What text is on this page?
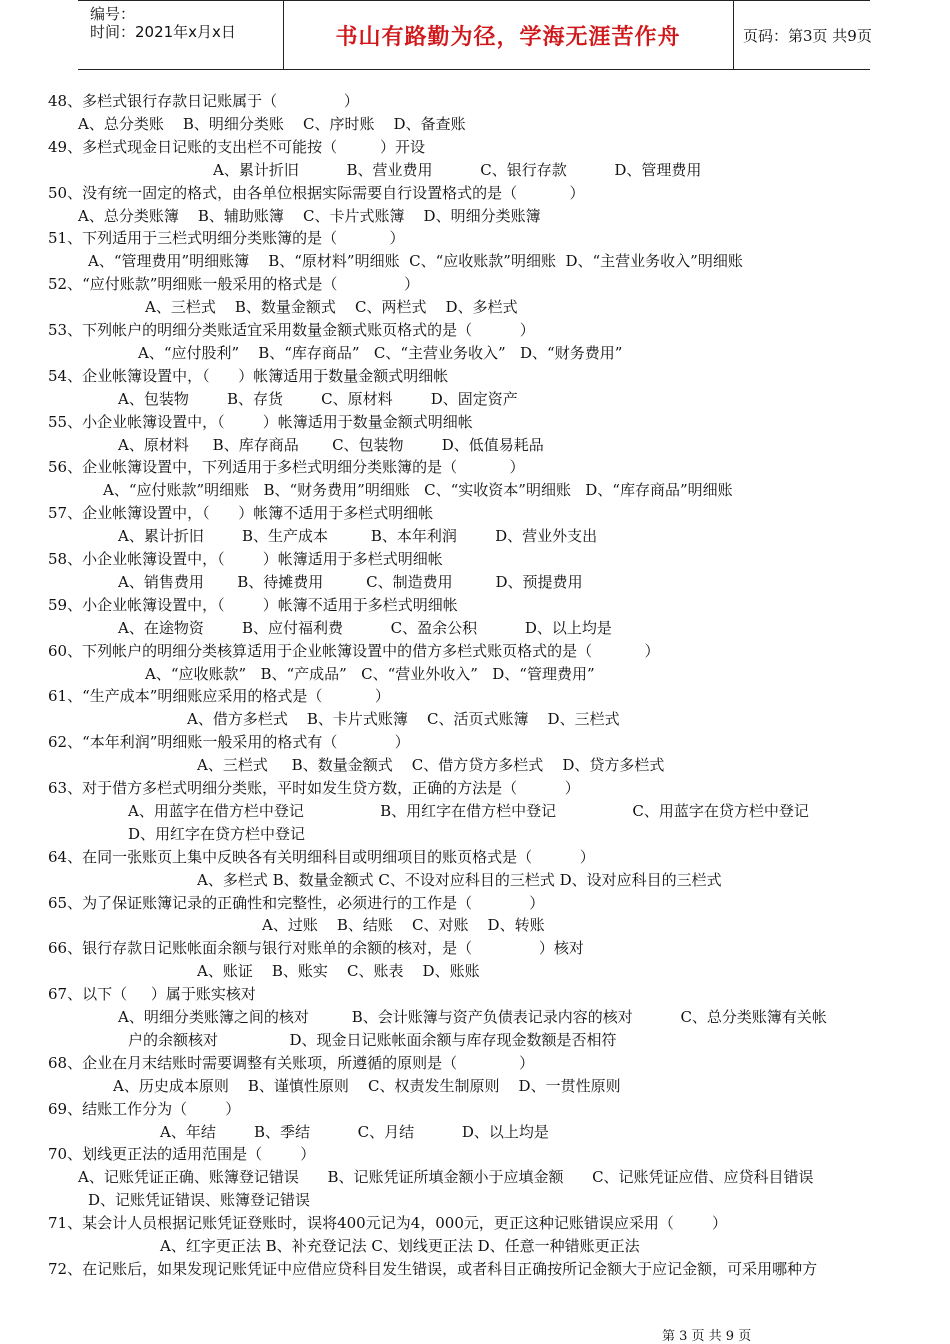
编号：
时间：2021年x月x日	书山有路勤为径，学海无涯苦作舟	页码：第3页 共9页
48、多栏式银行存款日记账属于（              ）
A、总分类账    B、明细分类账    C、序时账    D、备查账
49、多栏式现金日记账的支出栏不可能按（         ）开设
A、累计折旧          B、营业费用          C、银行存款          D、管理费用
50、没有统一固定的格式，由各单位根据实际需要自行设置格式的是（           ）
A、总分类账簿    B、辅助账簿    C、卡片式账簿    D、明细分类账簿
51、下列适用于三栏式明细分类账簿的是（           ）
A、“管理费用”明细账簿    B、“原材料”明细账  C、“应收账款”明细账  D、“主营业务收入”明细账
52、“应付账款”明细账一般采用的格式是（              ）
A、三栏式    B、数量金额式    C、两栏式    D、多栏式
53、下列帐户的明细分类账适宜采用数量金额式账页格式的是（          ）
A、“应付股利”    B、“库存商品”   C、“主营业务收入”   D、“财务费用”
54、企业帐簿设置中，（      ）帐簿适用于数量金额式明细帐
A、包装物        B、存货        C、原材料        D、固定资产
55、小企业帐簿设置中，（        ）帐簿适用于数量金额式明细帐
A、原材料     B、库存商品       C、包装物        D、低值易耗品
56、企业帐簿设置中，下列适用于多栏式明细分类账簿的是（           ）
A、“应付账款”明细账   B、“财务费用”明细账   C、“实收资本”明细账   D、“库存商品”明细账
57、企业帐簿设置中，（      ）帐簿不适用于多栏式明细帐
A、累计折旧        B、生产成本         B、本年利润        D、营业外支出
58、小企业帐簿设置中，（        ）帐簿适用于多栏式明细帐
A、销售费用       B、待摊费用         C、制造费用         D、预提费用
59、小企业帐簿设置中，（        ）帐簿不适用于多栏式明细帐
A、在途物资        B、应付福利费          C、盈余公积          D、以上均是
60、下列帐户的明细分类核算适用于企业帐簿设置中的借方多栏式账页格式的是（           ）
A、“应收账款”   B、“产成品”   C、“营业外收入”   D、“管理费用”
61、“生产成本”明细账应采用的格式是（           ）
A、借方多栏式    B、卡片式账簿    C、活页式账簿    D、三栏式
62、“本年利润”明细账一般采用的格式有（            ）
A、三栏式     B、数量金额式    C、借方贷方多栏式    D、贷方多栏式
63、对于借方多栏式明细分类账，平时如发生贷方数，正确的方法是（          ）
A、用蓝字在借方栏中登记                B、用红字在借方栏中登记                C、用蓝字在贷方栏中登记
D、用红字在贷方栏中登记
64、在同一张账页上集中反映各有关明细科目或明细项目的账页格式是（          ）
A、多栏式 B、数量金额式 C、不设对应科目的三栏式 D、设对应科目的三栏式
65、为了保证账簿记录的正确性和完整性，必须进行的工作是（            ）
A、过账    B、结账    C、对账    D、转账
66、银行存款日记账帐面余额与银行对账单的余额的核对，是（              ）核对
A、账证    B、账实    C、账表    D、账账
67、以下（     ）属于账实核对
A、明细分类账簿之间的核对         B、会计账簿与资产负债表记录内容的核对          C、总分类账簿有关帐
户的余额核对               D、现金日记账帐面余额与库存现金数额是否相符
68、企业在月末结账时需要调整有关账项，所遵循的原则是（             ）
A、历史成本原则    B、谨慎性原则    C、权责发生制原则    D、一贯性原则
69、结账工作分为（        ）
A、年结        B、季结          C、月结          D、以上均是
70、划线更正法的适用范围是（        ）
A、记账凭证正确、账簿登记错误      B、记账凭证所填金额小于应填金额      C、记账凭证应借、应贷科目错误
D、记账凭证错误、账簿登记错误
71、某会计人员根据记账凭证登账时，误将400元记为4，000元，更正这种记账错误应采用（        ）
A、红字更正法 B、补充登记法 C、划线更正法 D、任意一种错账更正法
72、在记账后，如果发现记账凭证中应借应贷科目发生错误，或者科目正确按所记金额大于应记金额，可采用哪种方
第 3 页 共 9 页
